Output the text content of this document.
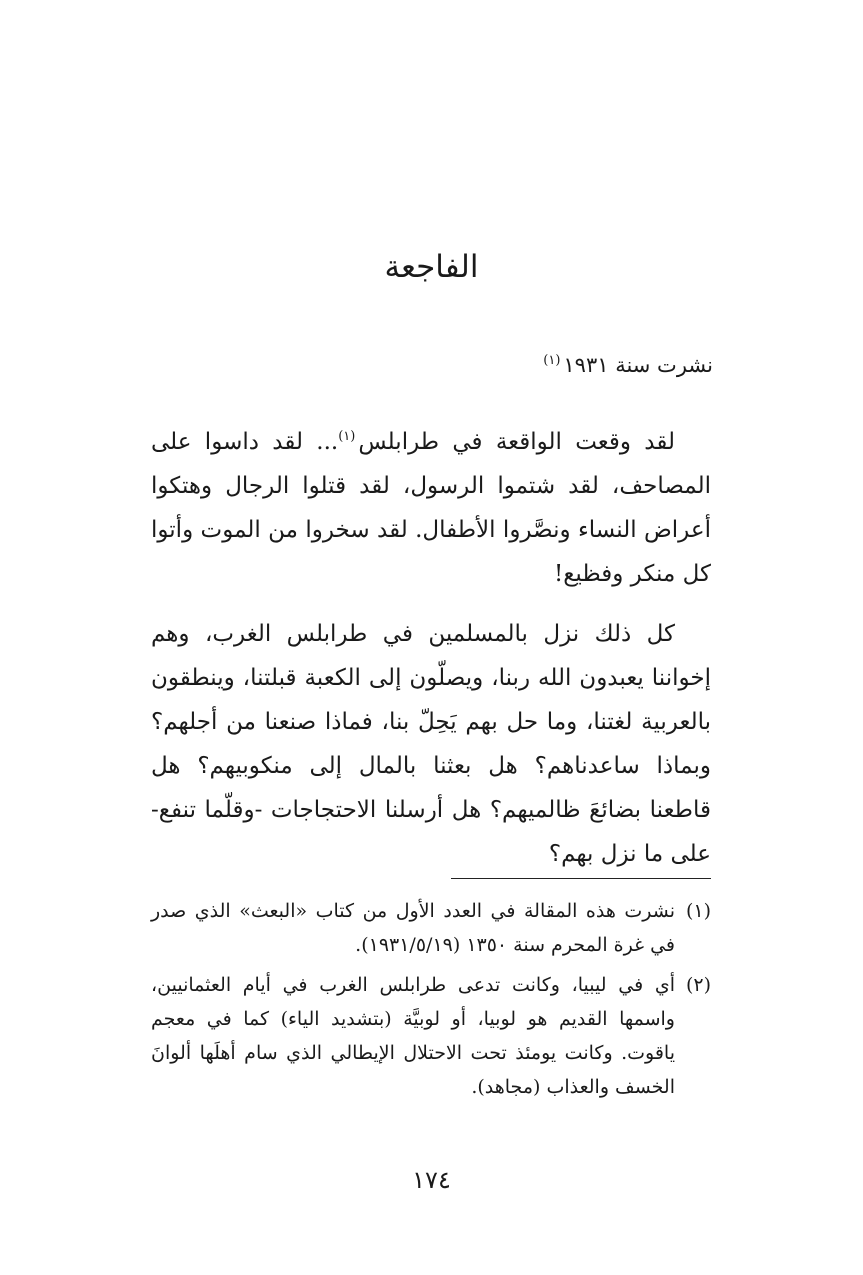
الفاجعة
نشرت سنة ١٩٣١$^{(١)}$

لقد وقعت الواقعة في طرابلس$^{(١)}$... لقد داسوا على المصاحف، لقد شتموا الرسول، لقد قتلوا الرجال وهتكوا أعراض النساء ونصَّروا الأطفال. لقد سخروا من الموت وأتوا كل منكر وفظيع!

كل ذلك نزل بالمسلمين في طرابلس الغرب، وهم إخواننا يعبدون الله ربنا، ويصلّون إلى الكعبة قبلتنا، وينطقون بالعربية لغتنا، وما حل بهم يَحِلّ بنا، فماذا صنعنا من أجلهم؟ وبماذا ساعدناهم؟ هل بعثنا بالمال إلى منكوبيهم؟ هل قاطعنا بضائعَ ظالميهم؟ هل أرسلنا الاحتجاجات -وقلّما تنفع- على ما نزل بهم؟

(١)نشرت هذه المقالة في العدد الأول من كتاب «البعث» الذي صدر في غرة المحرم سنة ١٣٥٠ (١٩٣١/٥/١٩).

(٢)أي في ليبيا، وكانت تدعى طرابلس الغرب في أيام العثمانيين، واسمها القديم هو لوبيا، أو لوبيَّة (بتشديد الياء) كما في معجم ياقوت. وكانت يومئذ تحت الاحتلال الإيطالي الذي سام أهلَها ألوانَ الخسف والعذاب (مجاهد).

١٧٤
